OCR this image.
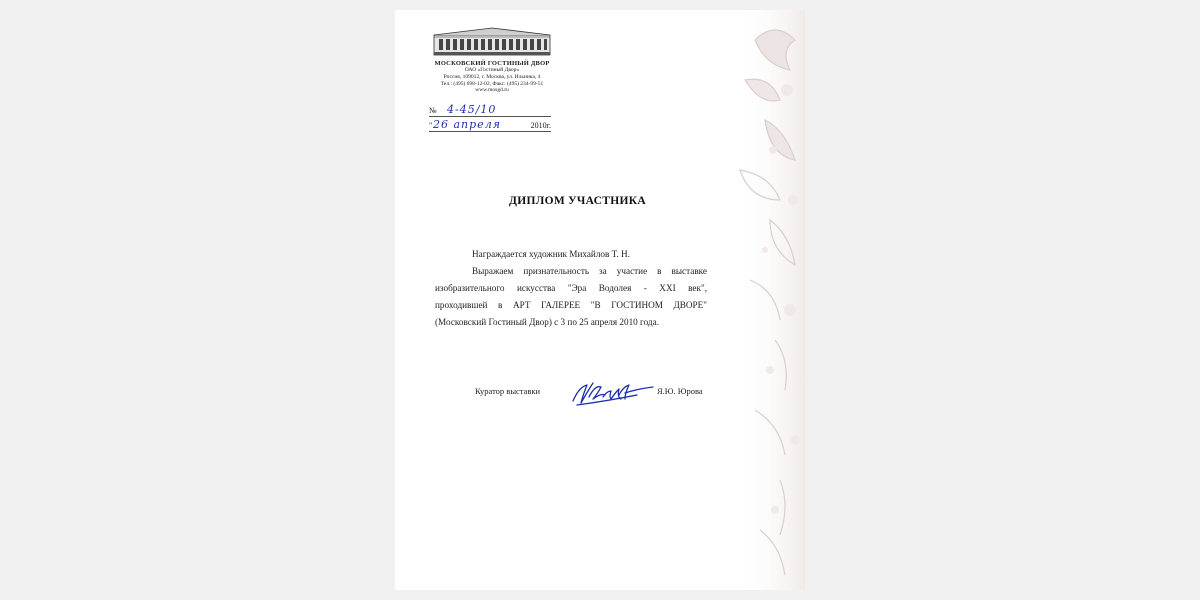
МОСКОВСКИЙ ГОСТИНЫЙ ДВОР
ОАО «Гостиный Двор»
Россия, 109012, г. Москва, ул. Ильинка, 4
Тел.: (495) 698-12-02, Факс: (495) 234-99-51
www.mosgd.ru
№ 4-45/10
" 26 апреля	2010г.
ДИПЛОМ УЧАСТНИКА

Награждается художник Михайлов Т. Н.

Выражаем признательность за участие в выставке

изобразительного искусства "Эра Водолея - XXI век",

проходившей в АРТ ГАЛЕРЕЕ "В ГОСТИНОМ ДВОРЕ"

(Московский Гостиный Двор) с 3 по 25 апреля 2010 года.

Куратор выставки	Я.Ю. Юрова
